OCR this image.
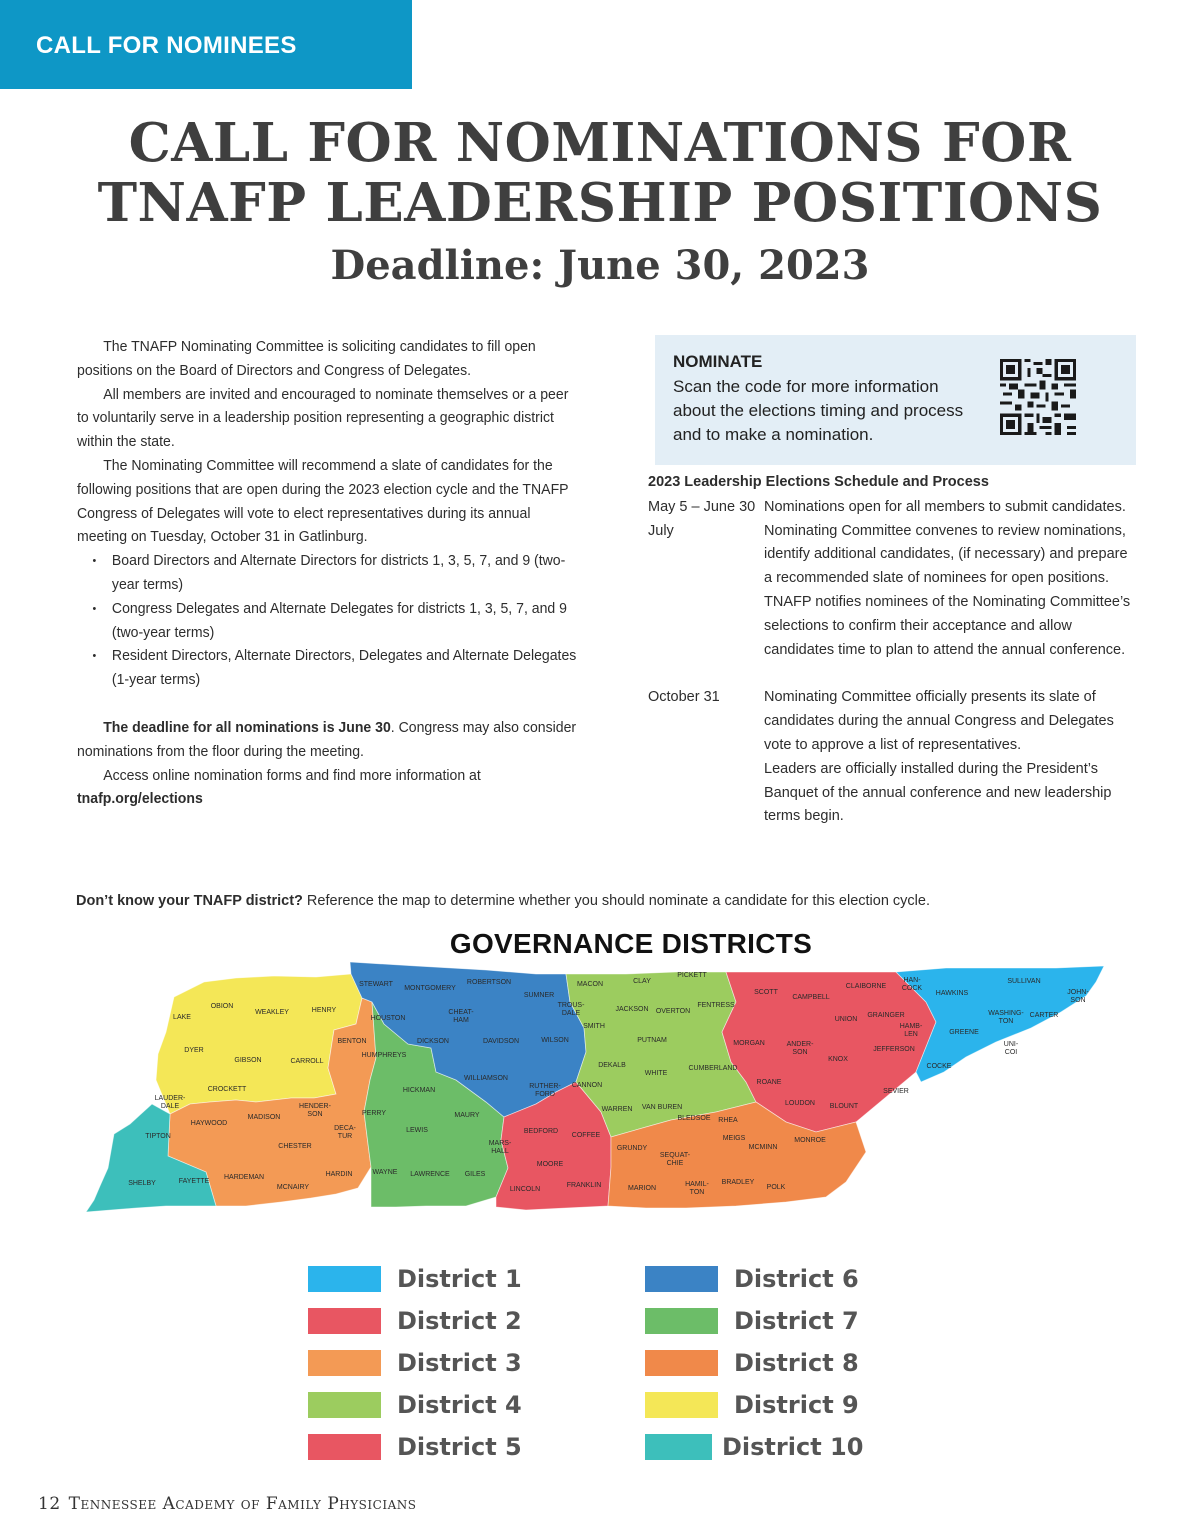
CALL FOR NOMINEES
CALL FOR NOMINATIONS FOR
TNAFP LEADERSHIP POSITIONS
Deadline: June 30, 2023

The TNAFP Nominating Committee is soliciting candidates to fill open positions on the Board of Directors and Congress of Delegates.

All members are invited and encouraged to nominate themselves or a peer to voluntarily serve in a leadership position representing a geographic district within the state.

The Nominating Committee will recommend a slate of candidates for the following positions that are open during the 2023 election cycle and the TNAFP Congress of Delegates will vote to elect representatives during its annual meeting on Tuesday, October 31 in Gatlinburg.

• Board Directors and Alternate Directors for districts 1, 3, 5, 7, and 9 (two-year terms)
• Congress Delegates and Alternate Delegates for districts 1, 3, 5, 7, and 9 (two-year terms)
• Resident Directors, Alternate Directors, Delegates and Alternate Delegates (1-year terms)

The deadline for all nominations is June 30. Congress may also consider nominations from the floor during the meeting.

Access online nomination forms and find more information at tnafp.org/elections

NOMINATE
Scan the code for more information about the elections timing and process and to make a nomination.
2023 Leadership Elections Schedule and Process
May 5 – June 30 Nominations open for all members to submit candidates.
July	Nominating Committee convenes to review nominations, identify additional candidates, (if necessary) and prepare a recommended slate of nominees for open positions. TNAFP notifies nominees of the Nominating Committee’s selections to confirm their acceptance and allow candidates time to plan to attend the annual conference.
October 31	Nominating Committee officially presents its slate of candidates during the annual Congress and Delegates vote to approve a list of representatives.
Leaders are officially installed during the President’s Banquet of the annual conference and new leadership terms begin.
Don’t know your TNAFP district? Reference the map to determine whether you should nominate a candidate for this election cycle.
GOVERNANCE DISTRICTS
LAKE
OBION
WEAKLEY	HENRY
DYER
GIBSON	CARROLL
BENTON
CROCKETT
LAUDER-DALE
HAYWOOD
MADISON
HENDER-SON
DECA-TUR
TIPTON
CHESTER
SHELBY	FAYETTE
HARDEMAN
MCNAIRY
HARDIN
STEWART
MONTGOMERY
ROBERTSON
SUMNER
HOUSTON
CHEAT-HAM
TROUS-DALE
HUMPHREYS
DICKSON	DAVIDSON	WILSON
WILLIAMSON
RUTHER-FORD
CANNON
HICKMAN
PERRY	MAURY
LEWIS
WAYNE LAWRENCE GILES
MARS-HALL
BEDFORD
COFFEE
MOORE
LINCOLN
FRANKLIN
MACON	CLAY
PICKETT
SMITH
JACKSON OVERTON
FENTRESS
PUTNAM
DEKALB
WHITE
CUMBERLAND
WARREN VAN BUREN
SCOTT
CAMPBELL
CLAIBORNE
UNION
GRAINGER
MORGAN	ANDER-SON
KNOX
JEFFERSON
ROANE
LOUDON BLOUNT
SEVIER
HAN-COCK
HAWKINS
SULLIVAN
JOHN-SON
WASHING-TON
CARTER
HAMB-LEN	GREENE
UNI-COI
COCKE
GRUNDY
BLEDSOE RHEA
SEQUAT-CHIE
MEIGS
MCMINN
MONROE
MARION
HAMIL-TON
BRADLEY
POLK
District 1
District 2
District 3
District 4
District 5
District 6
District 7
District 8
District 9
District 10
12 Tennessee Academy of Family Physicians
